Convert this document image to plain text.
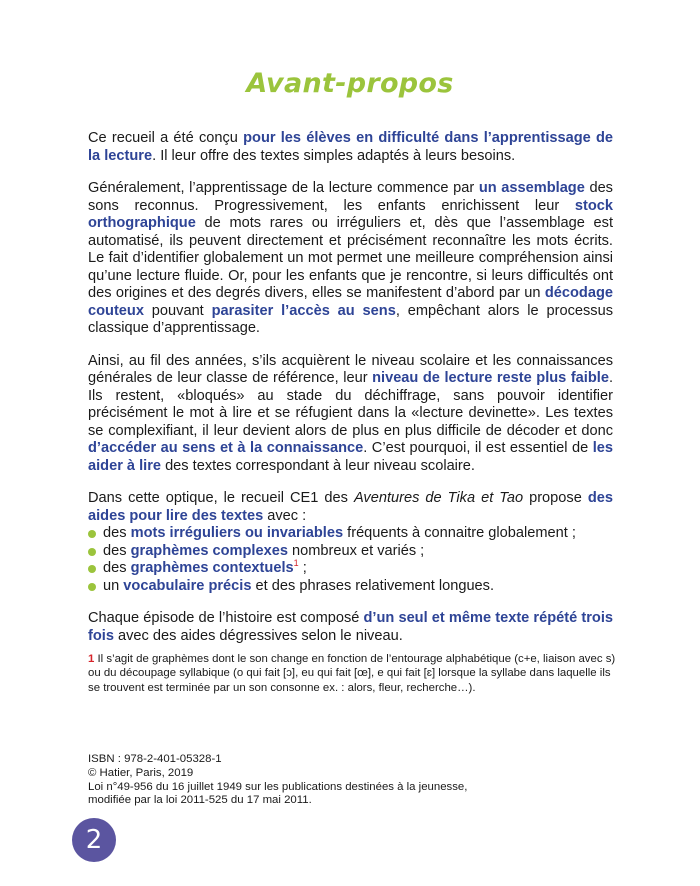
Avant-propos

Ce recueil a été conçu pour les élèves en difficulté dans l’apprentissage de la lecture. Il leur offre des textes simples adaptés à leurs besoins.

Généralement, l’apprentissage de la lecture commence par un assemblage des sons reconnus. Progressivement, les enfants enrichissent leur stock orthographique de mots rares ou irréguliers et, dès que l’assemblage est automatisé, ils peuvent directement et précisément reconnaître les mots écrits. Le fait d’identifier globalement un mot permet une meilleure compréhension ainsi qu’une lecture fluide. Or, pour les enfants que je rencontre, si leurs difficultés ont des origines et des degrés divers, elles se manifestent d’abord par un décodage couteux pouvant parasiter l’accès au sens, empêchant alors le processus classique d’apprentissage.

Ainsi, au fil des années, s’ils acquièrent le niveau scolaire et les connaissances générales de leur classe de référence, leur niveau de lecture reste plus faible. Ils restent, «bloqués» au stade du déchiffrage, sans pouvoir identifier précisément le mot à lire et se réfugient dans la «lecture devinette». Les textes se complexifiant, il leur devient alors de plus en plus difficile de décoder et donc d’accéder au sens et à la connaissance. C’est pourquoi, il est essentiel de les aider à lire des textes correspondant à leur niveau scolaire.

Dans cette optique, le recueil CE1 des Aventures de Tika et Tao propose des aides pour lire des textes avec :

des mots irréguliers ou invariables fréquents à connaitre globalement ;
des graphèmes complexes nombreux et variés ;
des graphèmes contextuels$^1$ ;
un vocabulaire précis et des phrases relativement longues.

Chaque épisode de l’histoire est composé d’un seul et même texte répété trois fois avec des aides dégressives selon le niveau.

1 Il s’agit de graphèmes dont le son change en fonction de l’entourage alphabétique (c+e, liaison avec s) ou du découpage syllabique (o qui fait [ɔ], eu qui fait [œ], e qui fait [ɛ] lorsque la syllabe dans laquelle ils se trouvent est terminée par un son consonne ex. : alors, fleur, recherche…).
ISBN : 978-2-401-05328-1
© Hatier, Paris, 2019
Loi n°49-956 du 16 juillet 1949 sur les publications destinées à la jeunesse,
modifiée par la loi 2011-525 du 17 mai 2011.
2
